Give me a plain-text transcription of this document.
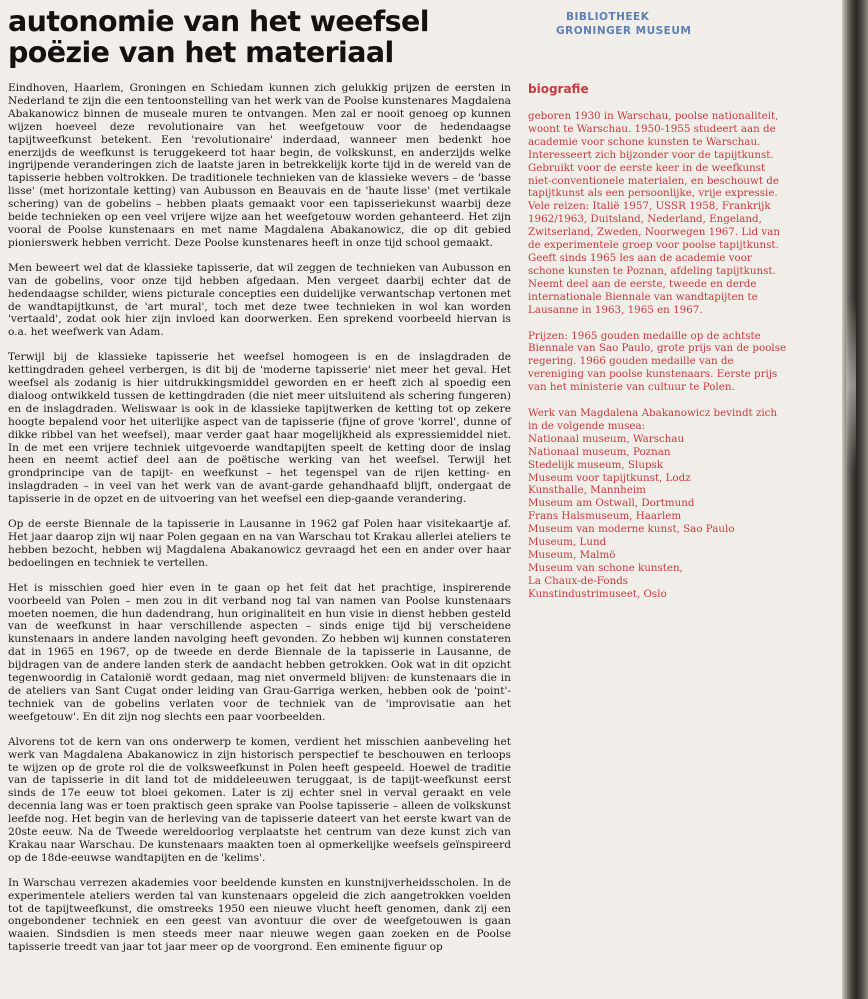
autonomie van het weefsel
poëzie van het materiaal
BIBLIOTHEEK
GRONINGER MUSEUM

Eindhoven, Haarlem, Groningen en Schiedam kunnen zich gelukkig prijzen de eersten in Nederland te zijn die een tentoonstelling van het werk van de Poolse kunstenares Magdalena Abakanowicz binnen de museale muren te ontvangen. Men zal er nooit genoeg op kunnen wijzen hoeveel deze revolutionaire van het weefgetouw voor de hedendaagse tapijtweefkunst betekent. Een 'revolutionaire' inderdaad, wanneer men bedenkt hoe enerzijds de weefkunst is teruggekeerd tot haar begin, de volkskunst, en anderzijds welke ingrijpende veranderingen zich de laatste jaren in betrekkelijk korte tijd in de wereld van de tapisserie hebben voltrokken. De traditionele technieken van de klassieke wevers – de 'basse lisse' (met horizontale ketting) van Aubusson en Beauvais en de 'haute lisse' (met vertikale schering) van de gobelins – hebben plaats gemaakt voor een tapisseriekunst waarbij deze beide technieken op een veel vrijere wijze aan het weefgetouw worden gehanteerd. Het zijn vooral de Poolse kunstenaars en met name Magdalena Abakanowicz, die op dit gebied pionierswerk hebben verricht. Deze Poolse kunstenares heeft in onze tijd school gemaakt.

Men beweert wel dat de klassieke tapisserie, dat wil zeggen de technieken van Aubusson en van de gobelins, voor onze tijd hebben afgedaan. Men vergeet daarbij echter dat de hedendaagse schilder, wiens picturale concepties een duidelijke verwantschap vertonen met de wandtapijtkunst, de 'art mural', toch met deze twee technieken in wol kan worden 'vertaald', zodat ook hier zijn invloed kan doorwerken. Een sprekend voorbeeld hiervan is o.a. het weefwerk van Adam.

Terwijl bij de klassieke tapisserie het weefsel homogeen is en de inslagdraden de kettingdraden geheel verbergen, is dit bij de 'moderne tapisserie' niet meer het geval. Het weefsel als zodanig is hier uitdrukkingsmiddel geworden en er heeft zich al spoedig een dialoog ontwikkeld tussen de kettingdraden (die niet meer uitsluitend als schering fungeren) en de inslagdraden. Weliswaar is ook in de klassieke tapijtwerken de ketting tot op zekere hoogte bepalend voor het uiterlijke aspect van de tapisserie (fijne of grove 'korrel', dunne of dikke ribbel van het weefsel), maar verder gaat haar mogelijkheid als expressiemiddel niet. In de met een vrijere techniek uitgevoerde wandtapijten speelt de ketting door de inslag heen en neemt actief deel aan de poëtische werking van het weefsel. Terwijl het grondprincipe van de tapijt- en weefkunst – het tegenspel van de rijen ketting- en inslagdraden – in veel van het werk van de avant-garde gehandhaafd blijft, ondergaat de tapisserie in de opzet en de uitvoering van het weefsel een diep-gaande verandering.

Op de eerste Biennale de la tapisserie in Lausanne in 1962 gaf Polen haar visitekaartje af. Het jaar daarop zijn wij naar Polen gegaan en na van Warschau tot Krakau allerlei ateliers te hebben bezocht, hebben wij Magdalena Abakanowicz gevraagd het een en ander over haar bedoelingen en techniek te vertellen.

Het is misschien goed hier even in te gaan op het feit dat het prachtige, inspirerende voorbeeld van Polen – men zou in dit verband nog tal van namen van Poolse kunstenaars moeten noemen, die hun dadendrang, hun originaliteit en hun visie in dienst hebben gesteld van de weefkunst in haar verschillende aspecten – sinds enige tijd bij verscheidene kunstenaars in andere landen navolging heeft gevonden. Zo hebben wij kunnen constateren dat in 1965 en 1967, op de tweede en derde Biennale de la tapisserie in Lausanne, de bijdragen van de andere landen sterk de aandacht hebben getrokken. Ook wat in dit opzicht tegenwoordig in Catalonië wordt gedaan, mag niet onvermeld blijven: de kunstenaars die in de ateliers van Sant Cugat onder leiding van Grau-Garriga werken, hebben ook de 'point'-techniek van de gobelins verlaten voor de techniek van de 'improvisatie aan het weefgetouw'. En dit zijn nog slechts een paar voorbeelden.

Alvorens tot de kern van ons onderwerp te komen, verdient het misschien aanbeveling het werk van Magdalena Abakanowicz in zijn historisch perspectief te beschouwen en terloops te wijzen op de grote rol die de volksweefkunst in Polen heeft gespeeld. Hoewel de traditie van de tapisserie in dit land tot de middeleeuwen teruggaat, is de tapijt-weefkunst eerst sinds de 17e eeuw tot bloei gekomen. Later is zij echter snel in verval geraakt en vele decennia lang was er toen praktisch geen sprake van Poolse tapisserie – alleen de volkskunst leefde nog. Het begin van de herleving van de tapisserie dateert van het eerste kwart van de 20ste eeuw. Na de Tweede wereldoorlog verplaatste het centrum van deze kunst zich van Krakau naar Warschau. De kunstenaars maakten toen al opmerkelijke weefsels geïnspireerd op de 18de-eeuwse wandtapijten en de 'kelims'.

In Warschau verrezen akademies voor beeldende kunsten en kunstnijverheidsscholen. In de experimentele ateliers werden tal van kunstenaars opgeleid die zich aangetrokken voelden tot de tapijtweefkunst, die omstreeks 1950 een nieuwe vlucht heeft genomen, dank zij een ongebondener techniek en een geest van avontuur die over de weefgetouwen is gaan waaien. Sindsdien is men steeds meer naar nieuwe wegen gaan zoeken en de Poolse tapisserie treedt van jaar tot jaar meer op de voorgrond. Een eminente figuur op

biografie

geboren 1930 in Warschau, poolse nationaliteit, woont te Warschau. 1950-1955 studeert aan de academie voor schone kunsten te Warschau. Interesseert zich bijzonder voor de tapijtkunst. Gebruikt voor de eerste keer in de weefkunst niet-conventionele materialen, en beschouwt de tapijtkunst als een persoonlijke, vrije expressie. Vele reizen: Italië 1957, USSR 1958, Frankrijk 1962/1963, Duitsland, Nederland, Engeland, Zwitserland, Zweden, Noorwegen 1967. Lid van de experimentele groep voor poolse tapijtkunst. Geeft sinds 1965 les aan de academie voor schone kunsten te Poznan, afdeling tapijtkunst. Neemt deel aan de eerste, tweede en derde internationale Biennale van wandtapijten te Lausanne in 1963, 1965 en 1967.

Prijzen: 1965 gouden medaille op de achtste Biennale van Sao Paulo, grote prijs van de poolse regering. 1966 gouden medaille van de vereniging van poolse kunstenaars. Eerste prijs van het ministerie van cultuur te Polen.

Werk van Magdalena Abakanowicz bevindt zich in de volgende musea:
Nationaal museum, Warschau
Nationaal museum, Poznan
Stedelijk museum, Slupsk
Museum voor tapijtkunst, Lodz
Kunsthalle, Mannheim
Museum am Ostwall, Dortmund
Frans Halsmuseum, Haarlem
Museum van moderne kunst, Sao Paulo
Museum, Lund
Museum, Malmö
Museum van schone kunsten,
La Chaux-de-Fonds
Kunstindustrimuseet, Oslo
